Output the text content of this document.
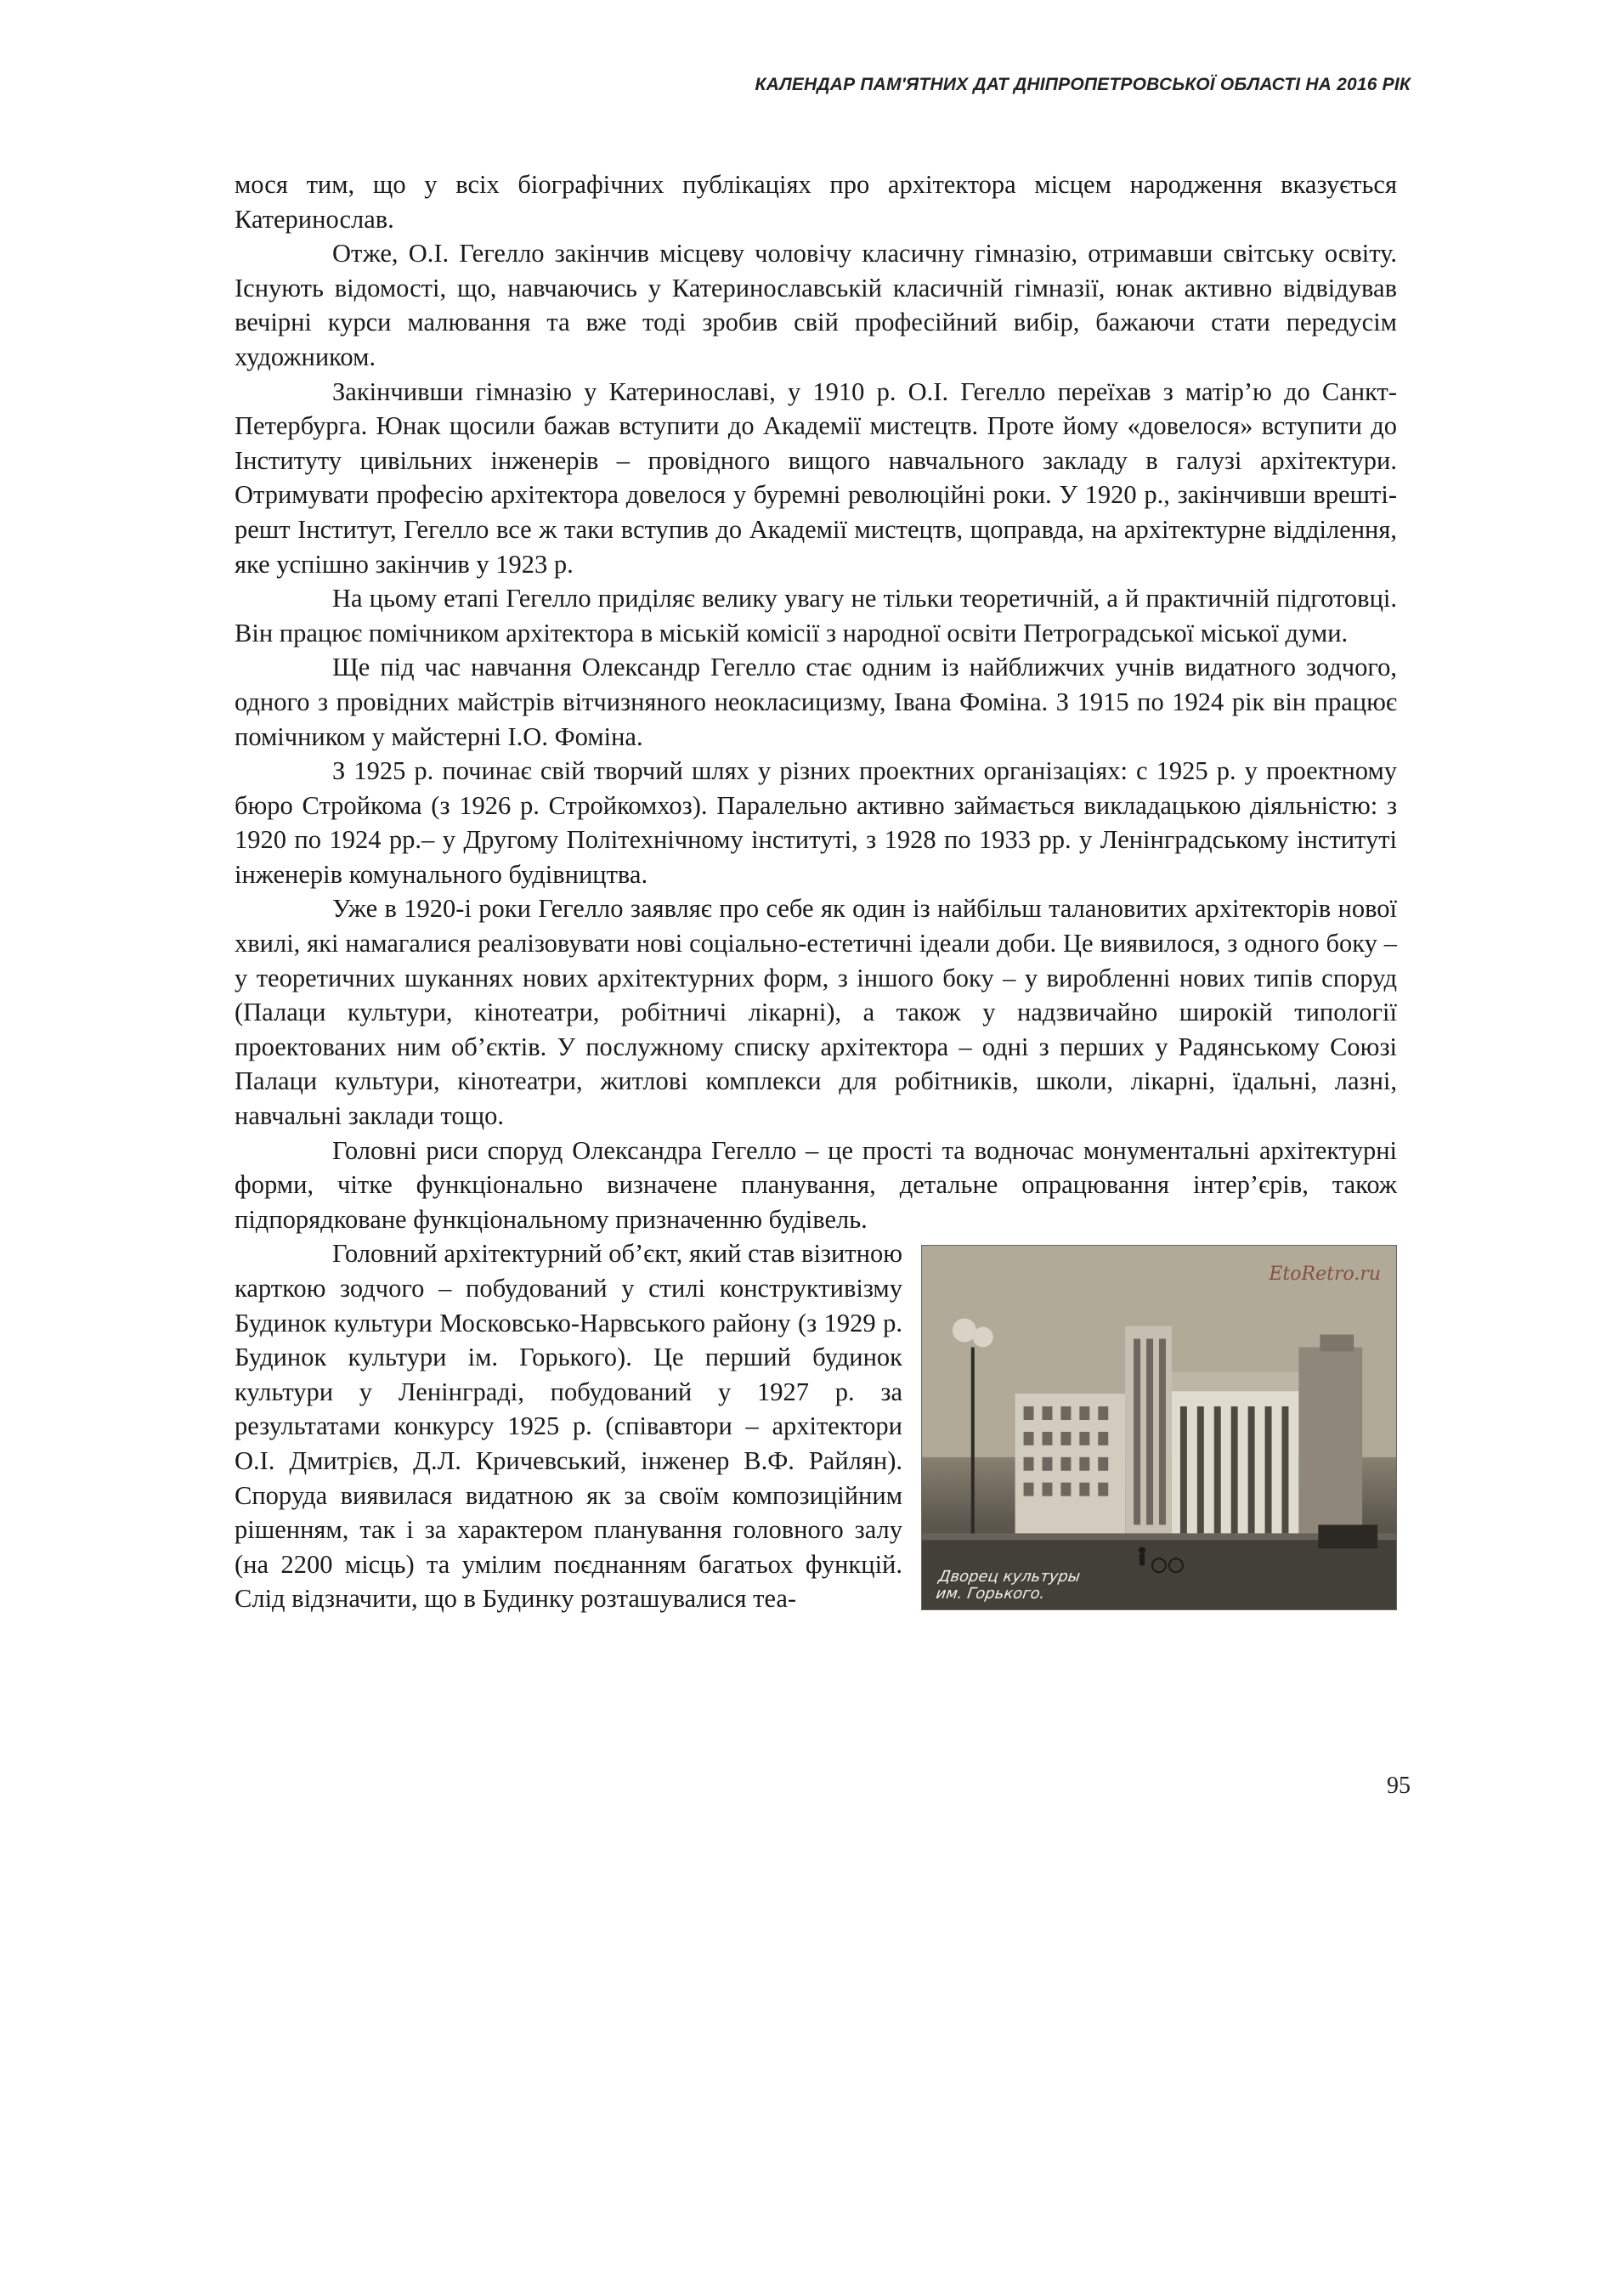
КАЛЕНДАР ПАМ'ЯТНИХ ДАТ ДНІПРОПЕТРОВСЬКОЇ ОБЛАСТІ НА 2016 РІК

мося тим, що у всіх біографічних публікаціях про архітектора місцем народження вказується Катеринослав.

Отже, О.І. Гегелло закінчив місцеву чоловічу класичну гімназію, отримавши світську освіту. Існують відомості, що, навчаючись у Катеринославській класичній гімназії, юнак активно відвідував вечірні курси малювання та вже тоді зробив свій професійний вибір, бажаючи стати передусім художником.

Закінчивши гімназію у Катеринославі, у 1910 р. О.І. Гегелло переїхав з матір’ю до Санкт-Петербурга. Юнак щосили бажав вступити до Академії мистецтв. Проте йому «довелося» вступити до Інституту цивільних інженерів – провідного вищого навчального закладу в галузі архітектури. Отримувати професію архітектора довелося у буремні революційні роки. У 1920 р., закінчивши врешті-решт Інститут, Гегелло все ж таки вступив до Академії мистецтв, щоправда, на архітектурне відділення, яке успішно закінчив у 1923 р.

На цьому етапі Гегелло приділяє велику увагу не тільки теоретичній, а й практичній підготовці. Він працює помічником архітектора в міській комісії з народної освіти Петроградської міської думи.

Ще під час навчання Олександр Гегелло стає одним із найближчих учнів видатного зодчого, одного з провідних майстрів вітчизняного неокласицизму, Івана Фоміна. З 1915 по 1924 рік він працює помічником у майстерні І.О. Фоміна.

З 1925 р. починає свій творчий шлях у різних проектних організаціях: с 1925 р. у проектному бюро Стройкома (з 1926 р. Стройкомхоз). Паралельно активно займається викладацькою діяльністю: з 1920 по 1924 рр.– у Другому Політехнічному інституті, з 1928 по 1933 рр. у Ленінградському інституті інженерів комунального будівництва.

Уже в 1920-і роки Гегелло заявляє про себе як один із найбільш талановитих архітекторів нової хвилі, які намагалися реалізовувати нові соціально-естетичні ідеали доби. Це виявилося, з одного боку – у теоретичних шуканнях нових архітектурних форм, з іншого боку – у виробленні нових типів споруд (Палаци культури, кінотеатри, робітничі лікарні), а також у надзвичайно широкій типології проектованих ним об’єктів. У послужному списку архітектора – одні з перших у Радянському Союзі Палаци культури, кінотеатри, житлові комплекси для робітників, школи, лікарні, їдальні, лазні, навчальні заклади тощо.

Головні риси споруд Олександра Гегелло – це прості та водночас монументальні архітектурні форми, чітке функціонально визначене планування, детальне опрацювання інтер’єрів, також підпорядковане функціональному призначенню будівель.

EtoRetro.ru
Дворец культуры
им. Горького.

Головний архітектурний об’єкт, який став візитною карткою зодчого – побудований у стилі конструктивізму Будинок культури Московсько-Нарвського району (з 1929 р. Будинок культури ім. Горького). Це перший будинок культури у Ленінграді, побудований у 1927 р. за результатами конкурсу 1925 р. (співавтори – архітектори О.І. Дмитрієв, Д.Л. Кричевський, інженер В.Ф. Райлян). Споруда виявилася видатною як за своїм композиційним рішенням, так і за характером планування головного залу (на 2200 місць) та умілим поєднанням багатьох функцій. Слід відзначити, що в Будинку розташувалися теа-

95
